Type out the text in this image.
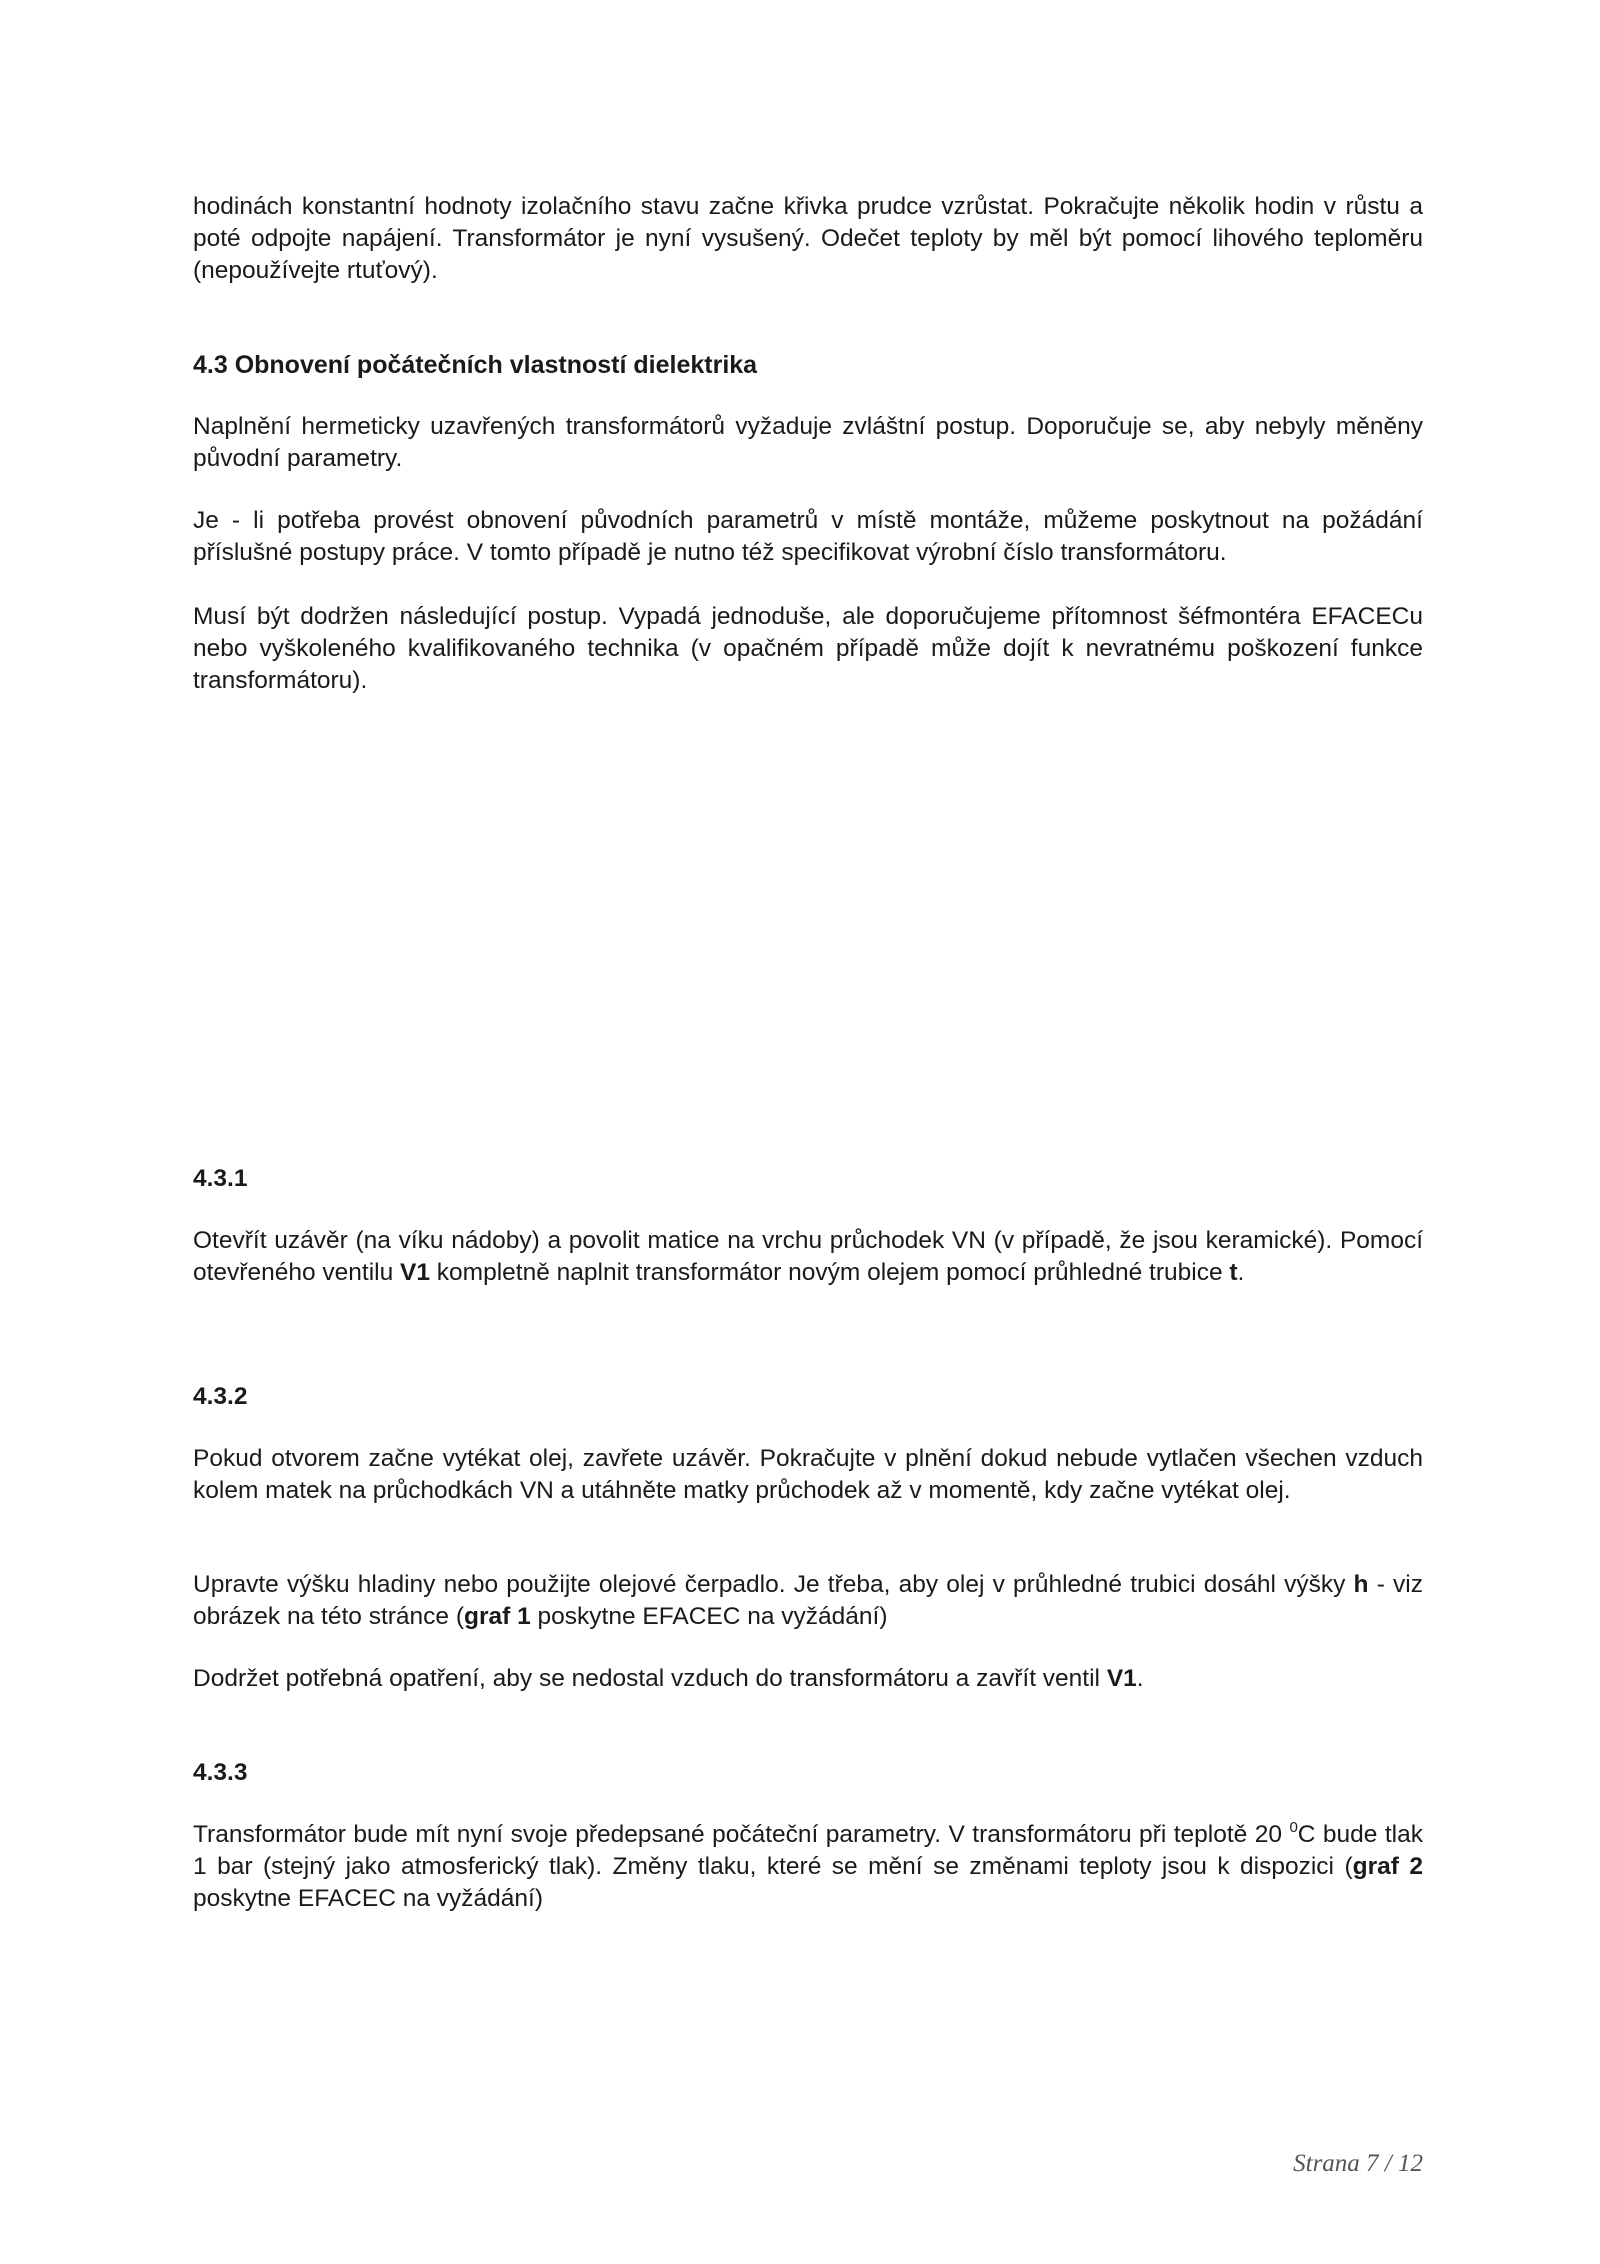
hodinách konstantní hodnoty izolačního stavu začne křivka prudce vzrůstat. Pokračujte několik hodin v růstu a poté odpojte napájení. Transformátor je nyní vysušený. Odečet teploty by měl být pomocí lihového teploměru (nepoužívejte rtuťový).

4.3 Obnovení počátečních vlastností dielektrika

Naplnění hermeticky uzavřených transformátorů vyžaduje zvláštní postup. Doporučuje se, aby nebyly měněny původní parametry.

Je - li potřeba provést obnovení původních parametrů v místě montáže, můžeme poskytnout na požádání příslušné postupy práce. V tomto případě je nutno též specifikovat výrobní číslo transformátoru.

Musí být dodržen následující postup. Vypadá jednoduše, ale doporučujeme přítomnost šéfmontéra EFACECu nebo vyškoleného kvalifikovaného technika (v opačném případě může dojít k nevratnému poškození funkce transformátoru).

4.3.1

Otevřít uzávěr (na víku nádoby) a povolit matice na vrchu průchodek VN (v případě, že jsou keramické). Pomocí otevřeného ventilu V1 kompletně naplnit transformátor novým olejem pomocí průhledné trubice t.

4.3.2

Pokud otvorem začne vytékat olej, zavřete uzávěr. Pokračujte v plnění dokud nebude vytlačen všechen vzduch kolem matek na průchodkách VN a utáhněte matky průchodek až v momentě, kdy začne vytékat olej.

Upravte výšku hladiny nebo použijte olejové čerpadlo. Je třeba, aby olej v průhledné trubici dosáhl výšky h - viz obrázek na této stránce (graf 1 poskytne EFACEC na vyžádání)

Dodržet potřebná opatření, aby se nedostal vzduch do transformátoru a zavřít ventil V1.

4.3.3

Transformátor bude mít nyní svoje předepsané počáteční parametry. V transformátoru při teplotě 20 $^0$C bude tlak 1 bar (stejný jako atmosferický tlak). Změny tlaku, které se mění se změnami teploty jsou k dispozici (graf 2 poskytne EFACEC na vyžádání)

Strana 7 / 12
